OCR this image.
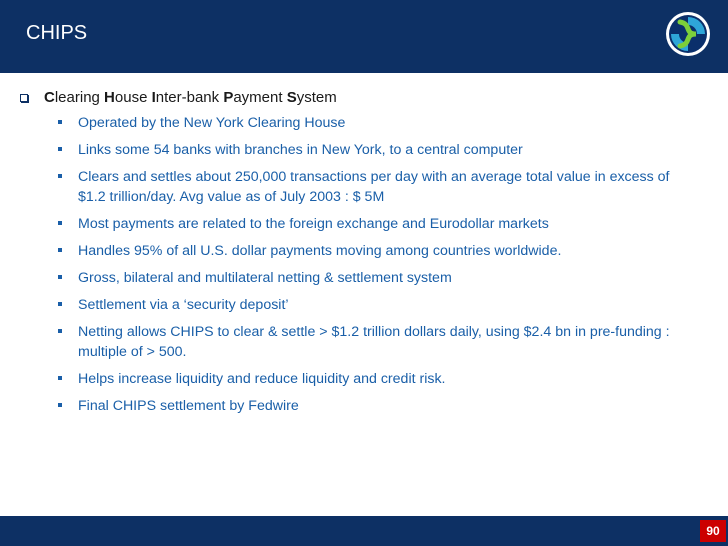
CHIPS
Clearing House Inter-bank Payment System
Operated by the New York Clearing House
Links some 54 banks with branches in New York, to a central computer
Clears and settles about 250,000 transactions per day with an average total value in excess of $1.2 trillion/day. Avg value as of July 2003 : $ 5M
Most payments are related to the foreign exchange and Eurodollar markets
Handles 95% of all U.S. dollar payments moving among countries worldwide.
Gross, bilateral and multilateral netting & settlement system
Settlement via a ‘security deposit’
Netting allows CHIPS to clear & settle > $1.2 trillion dollars daily, using $2.4 bn in pre-funding : multiple of > 500.
Helps increase liquidity and reduce liquidity and credit risk.
Final CHIPS settlement by Fedwire
90
